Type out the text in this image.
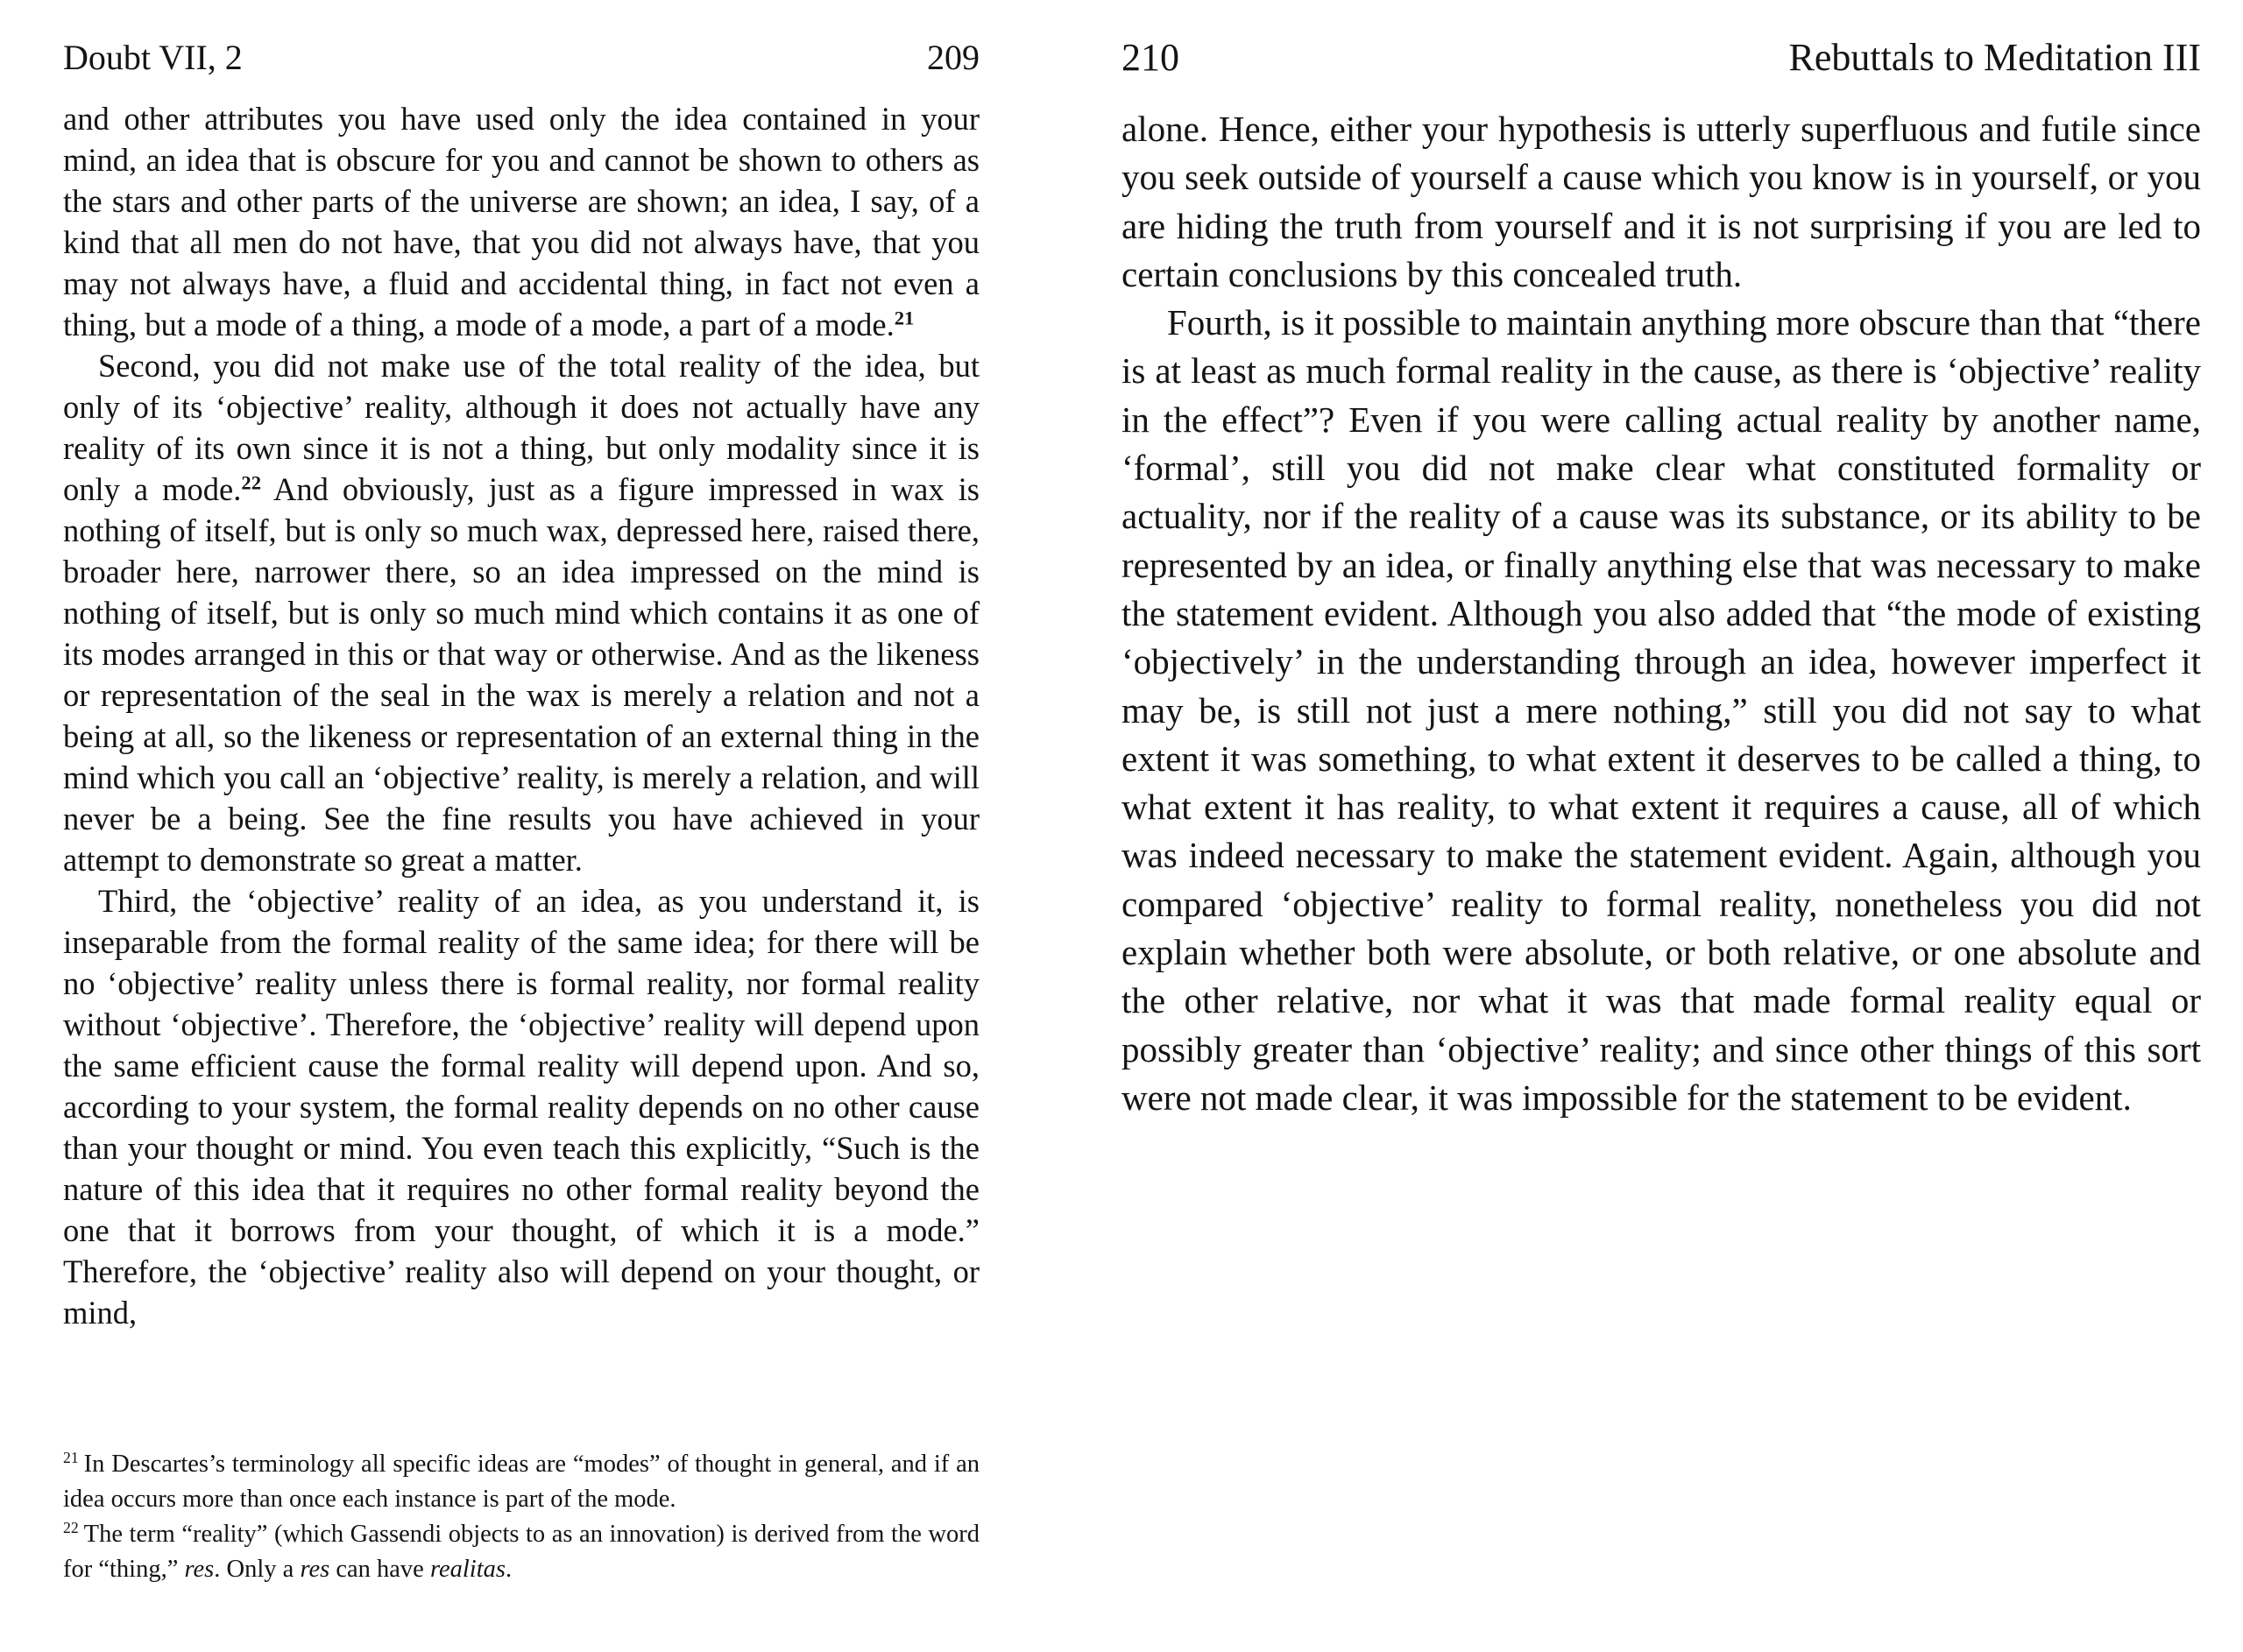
Doubt VII, 2	209

and other attributes you have used only the idea contained in your mind, an idea that is obscure for you and cannot be shown to others as the stars and other parts of the universe are shown; an idea, I say, of a kind that all men do not have, that you did not always have, that you may not always have, a fluid and accidental thing, in fact not even a thing, but a mode of a thing, a mode of a mode, a part of a mode.$^{21}$

Second, you did not make use of the total reality of the idea, but only of its ‘objective’ reality, although it does not actually have any reality of its own since it is not a thing, but only modality since it is only a mode.$^{22}$ And obviously, just as a figure impressed in wax is nothing of itself, but is only so much wax, depressed here, raised there, broader here, narrower there, so an idea impressed on the mind is nothing of itself, but is only so much mind which contains it as one of its modes arranged in this or that way or otherwise. And as the likeness or representation of the seal in the wax is merely a relation and not a being at all, so the likeness or representation of an external thing in the mind which you call an ‘objective’ reality, is merely a relation, and will never be a being. See the fine results you have achieved in your attempt to demonstrate so great a matter.

Third, the ‘objective’ reality of an idea, as you understand it, is inseparable from the formal reality of the same idea; for there will be no ‘objective’ reality unless there is formal reality, nor formal reality without ‘objective’. Therefore, the ‘objective’ reality will depend upon the same efficient cause the formal reality will depend upon. And so, according to your system, the formal reality depends on no other cause than your thought or mind. You even teach this explicitly, “Such is the nature of this idea that it requires no other formal reality beyond the one that it borrows from your thought, of which it is a mode.” Therefore, the ‘objective’ reality also will depend on your thought, or mind,

$^{21}$ In Descartes’s terminology all specific ideas are “modes” of thought in general, and if an idea occurs more than once each instance is part of the mode.

$^{22}$ The term “reality” (which Gassendi objects to as an innovation) is derived from the word for “thing,” res. Only a res can have realitas.

210	Rebuttals to Meditation III

alone. Hence, either your hypothesis is utterly superfluous and futile since you seek outside of yourself a cause which you know is in yourself, or you are hiding the truth from yourself and it is not surprising if you are led to certain conclusions by this concealed truth.

Fourth, is it possible to maintain anything more obscure than that “there is at least as much formal reality in the cause, as there is ‘objective’ reality in the effect”? Even if you were calling actual reality by another name, ‘formal’, still you did not make clear what constituted formality or actuality, nor if the reality of a cause was its substance, or its ability to be represented by an idea, or finally anything else that was necessary to make the statement evident. Although you also added that “the mode of existing ‘objectively’ in the understanding through an idea, however imperfect it may be, is still not just a mere nothing,” still you did not say to what extent it was something, to what extent it deserves to be called a thing, to what extent it has reality, to what extent it requires a cause, all of which was indeed necessary to make the statement evident. Again, although you compared ‘objective’ reality to formal reality, nonetheless you did not explain whether both were absolute, or both relative, or one absolute and the other relative, nor what it was that made formal reality equal or possibly greater than ‘objective’ reality; and since other things of this sort were not made clear, it was impossible for the statement to be evident.
